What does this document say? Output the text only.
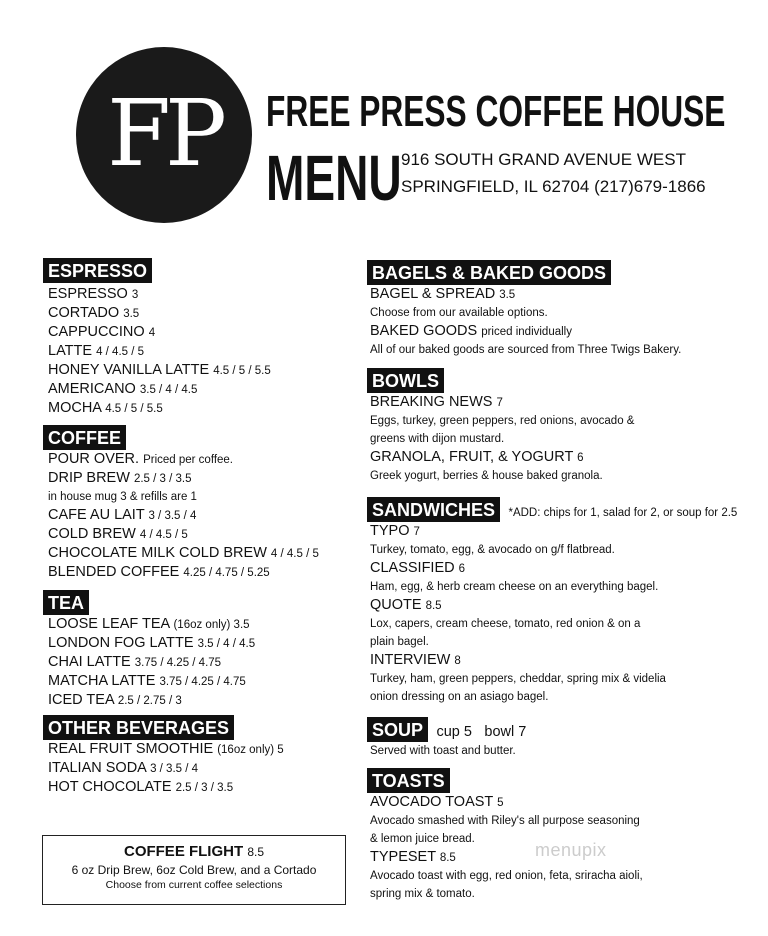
FP	FREE PRESS COFFEE HOUSE
MENU 916 SOUTH GRAND AVENUE WEST
SPRINGFIELD, IL 62704 (217)679-1866
ESPRESSO
ESPRESSO 3
CORTADO 3.5
CAPPUCCINO 4
LATTE 4 / 4.5 / 5
HONEY VANILLA LATTE 4.5 / 5 / 5.5
AMERICANO 3.5 / 4 / 4.5
MOCHA 4.5 / 5 / 5.5
COFFEE
POUR OVER. Priced per coffee.
DRIP BREW 2.5 / 3 / 3.5
in house mug 3 & refills are 1
CAFE AU LAIT 3 / 3.5 / 4
COLD BREW 4 / 4.5 / 5
CHOCOLATE MILK COLD BREW 4 / 4.5 / 5
BLENDED COFFEE 4.25 / 4.75 / 5.25
TEA
LOOSE LEAF TEA (16oz only) 3.5
LONDON FOG LATTE 3.5 / 4 / 4.5
CHAI LATTE 3.75 / 4.25 / 4.75
MATCHA LATTE 3.75 / 4.25 / 4.75
ICED TEA 2.5 / 2.75 / 3
OTHER BEVERAGES
REAL FRUIT SMOOTHIE (16oz only) 5
ITALIAN SODA 3 / 3.5 / 4
HOT CHOCOLATE 2.5 / 3 / 3.5
COFFEE FLIGHT 8.5
6 oz Drip Brew, 6oz Cold Brew, and a Cortado
Choose from current coffee selections
BAGELS & BAKED GOODS
BAGEL & SPREAD 3.5
Choose from our available options.
BAKED GOODS priced individually
All of our baked goods are sourced from Three Twigs Bakery.
BOWLS
BREAKING NEWS 7
Eggs, turkey, green peppers, red onions, avocado &
greens with dijon mustard.
GRANOLA, FRUIT, & YOGURT 6
Greek yogurt, berries & house baked granola.
SANDWICHES *ADD: chips for 1, salad for 2, or soup for 2.5
TYPO 7
Turkey, tomato, egg, & avocado on g/f flatbread.
CLASSIFIED 6
Ham, egg, & herb cream cheese on an everything bagel.
QUOTE 8.5
Lox, capers, cream cheese, tomato, red onion & on a
plain bagel.
INTERVIEW 8
Turkey, ham, green peppers, cheddar, spring mix & videlia
onion dressing on an asiago bagel.
SOUP cup 5 bowl 7
Served with toast and butter.
TOASTS
AVOCADO TOAST 5
Avocado smashed with Riley's all purpose seasoning
& lemon juice bread.
TYPESET 8.5
Avocado toast with egg, red onion, feta, sriracha aioli,
spring mix & tomato.
menupix
